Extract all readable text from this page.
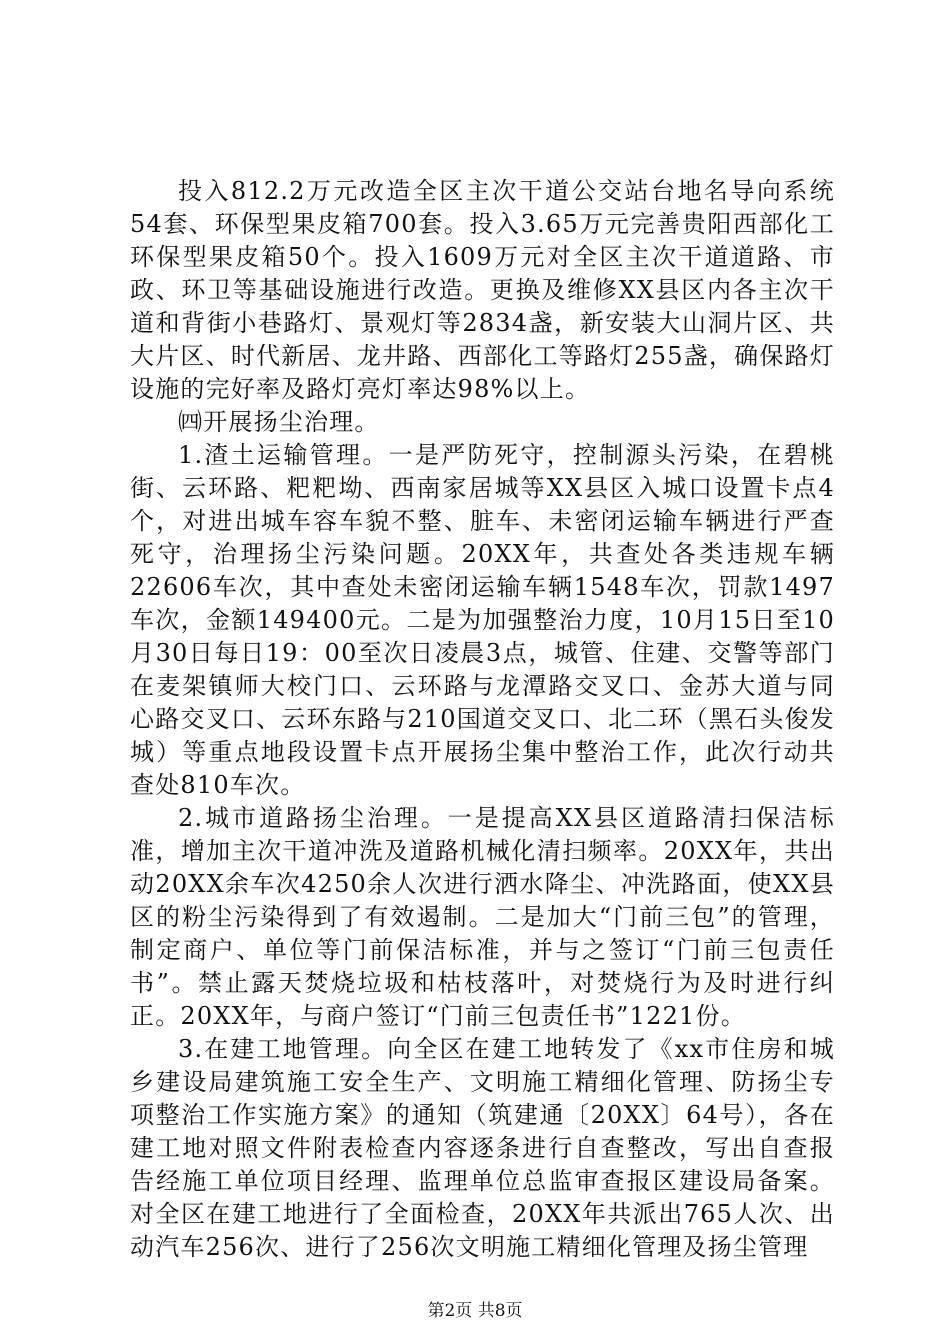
投入812.2万元改造全区主次干道公交站台地名导向系统54套、环保型果皮箱700套。投入3.65万元完善贵阳西部化工环保型果皮箱50个。投入1609万元对全区主次干道道路、市政、环卫等基础设施进行改造。更换及维修XX县区内各主次干道和背街小巷路灯、景观灯等2834盏，新安装大山洞片区、共大片区、时代新居、龙井路、西部化工等路灯255盏，确保路灯设施的完好率及路灯亮灯率达98%以上。

㈣开展扬尘治理。

1.渣土运输管理。一是严防死守，控制源头污染，在碧桃街、云环路、粑粑坳、西南家居城等XX县区入城口设置卡点4个，对进出城车容车貌不整、脏车、未密闭运输车辆进行严查死守，治理扬尘污染问题。20XX年，共查处各类违规车辆22606车次，其中查处未密闭运输车辆1548车次，罚款1497车次，金额149400元。二是为加强整治力度，10月15日至10月30日每日19：00至次日凌晨3点，城管、住建、交警等部门在麦架镇师大校门口、云环路与龙潭路交叉口、金苏大道与同心路交叉口、云环东路与210国道交叉口、北二环（黑石头俊发城）等重点地段设置卡点开展扬尘集中整治工作，此次行动共查处810车次。

2.城市道路扬尘治理。一是提高XX县区道路清扫保洁标准，增加主次干道冲洗及道路机械化清扫频率。20XX年，共出动20XX余车次4250余人次进行洒水降尘、冲洗路面，使XX县区的粉尘污染得到了有效遏制。二是加大“门前三包”的管理，制定商户、单位等门前保洁标准，并与之签订“门前三包责任书”。禁止露天焚烧垃圾和枯枝落叶，对焚烧行为及时进行纠正。20XX年，与商户签订“门前三包责任书”1221份。

3.在建工地管理。向全区在建工地转发了《xx市住房和城乡建设局建筑施工安全生产、文明施工精细化管理、防扬尘专项整治工作实施方案》的通知（筑建通〔20XX〕64号），各在建工地对照文件附表检查内容逐条进行自查整改，写出自查报告经施工单位项目经理、监理单位总监审查报区建设局备案。对全区在建工地进行了全面检查，20XX年共派出765人次、出动汽车256次、进行了256次文明施工精细化管理及扬尘管理

第2页 共8页
